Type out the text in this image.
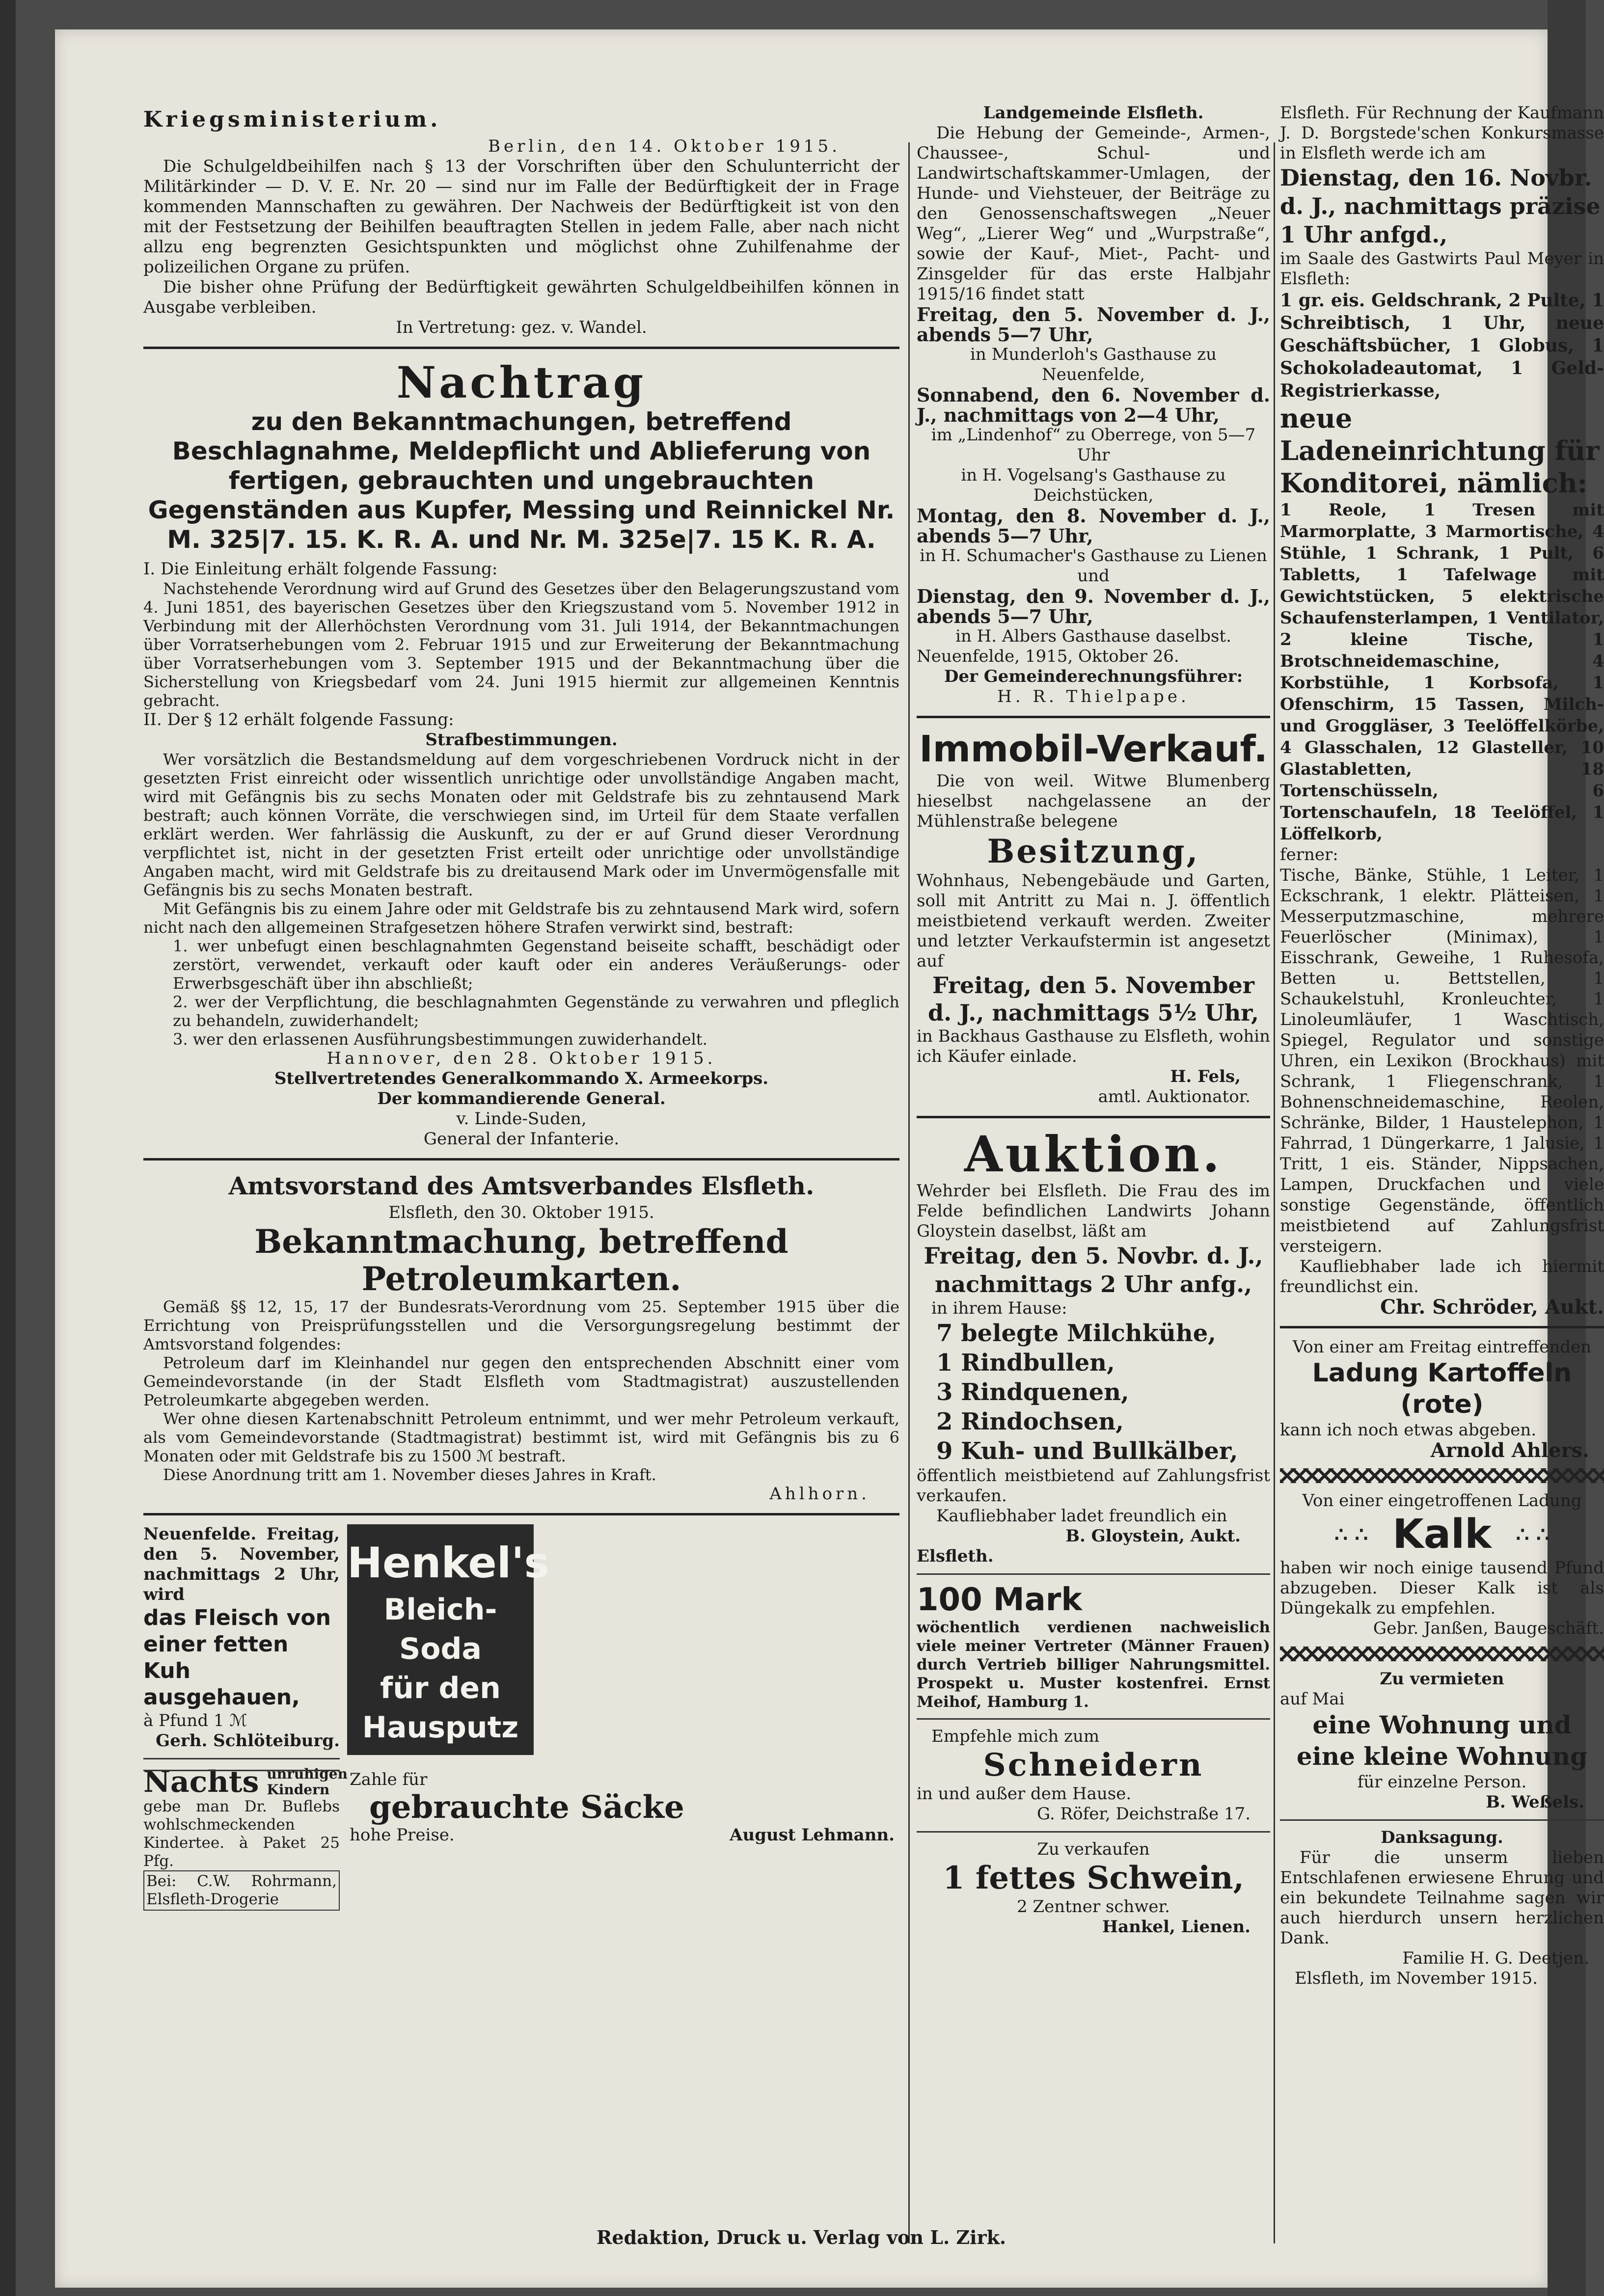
Kriegsministerium.
Berlin, den 14. Oktober 1915.

Die Schulgeldbeihilfen nach § 13 der Vorschriften über den Schulunterricht der Militärkinder — D. V. E. Nr. 20 — sind nur im Falle der Bedürftigkeit der in Frage kommenden Mannschaften zu gewähren. Der Nachweis der Bedürftigkeit ist von den mit der Festsetzung der Beihilfen beauftragten Stellen in jedem Falle, aber nach nicht allzu eng begrenzten Gesichtspunkten und möglichst ohne Zuhilfenahme der polizeilichen Organe zu prüfen.

Die bisher ohne Prüfung der Bedürftigkeit gewährten Schulgeldbeihilfen können in Ausgabe verbleiben.

In Vertretung: gez. v. Wandel.
Nachtrag
zu den Bekanntmachungen, betreffend Beschlagnahme, Meldepflicht und Ablieferung von fertigen, gebrauchten und ungebrauchten Gegenständen aus Kupfer, Messing und Reinnickel Nr. M. 325|7. 15. K. R. A. und Nr. M. 325e|7. 15 K. R. A.

I. Die Einleitung erhält folgende Fassung:

Nachstehende Verordnung wird auf Grund des Gesetzes über den Belagerungszustand vom 4. Juni 1851, des bayerischen Gesetzes über den Kriegszustand vom 5. November 1912 in Verbindung mit der Allerhöchsten Verordnung vom 31. Juli 1914, der Bekanntmachungen über Vorratserhebungen vom 2. Februar 1915 und zur Erweiterung der Bekanntmachung über Vorratserhebungen vom 3. September 1915 und der Bekanntmachung über die Sicherstellung von Kriegsbedarf vom 24. Juni 1915 hiermit zur allgemeinen Kenntnis gebracht.

II. Der § 12 erhält folgende Fassung:

Strafbestimmungen.

Wer vorsätzlich die Bestandsmeldung auf dem vorgeschriebenen Vordruck nicht in der gesetzten Frist einreicht oder wissentlich unrichtige oder unvollständige Angaben macht, wird mit Gefängnis bis zu sechs Monaten oder mit Geldstrafe bis zu zehntausend Mark bestraft; auch können Vorräte, die verschwiegen sind, im Urteil für dem Staate verfallen erklärt werden. Wer fahrlässig die Auskunft, zu der er auf Grund dieser Verordnung verpflichtet ist, nicht in der gesetzten Frist erteilt oder unrichtige oder unvollständige Angaben macht, wird mit Geldstrafe bis zu dreitausend Mark oder im Unvermögensfalle mit Gefängnis bis zu sechs Monaten bestraft.

Mit Gefängnis bis zu einem Jahre oder mit Geldstrafe bis zu zehntausend Mark wird, sofern nicht nach den allgemeinen Strafgesetzen höhere Strafen verwirkt sind, bestraft:

1. wer unbefugt einen beschlagnahmten Gegenstand beiseite schafft, beschädigt oder zerstört, verwendet, verkauft oder kauft oder ein anderes Veräußerungs- oder Erwerbsgeschäft über ihn abschließt;

2. wer der Verpflichtung, die beschlagnahmten Gegenstände zu verwahren und pfleglich zu behandeln, zuwiderhandelt;

3. wer den erlassenen Ausführungsbestimmungen zuwiderhandelt.

Hannover, den 28. Oktober 1915.
Stellvertretendes Generalkommando X. Armeekorps.
Der kommandierende General.
v. Linde-Suden,
General der Infanterie.
Amtsvorstand des Amtsverbandes Elsfleth.
Elsfleth, den 30. Oktober 1915.
Bekanntmachung, betreffend Petroleumkarten.

Gemäß §§ 12, 15, 17 der Bundesrats-Verordnung vom 25. September 1915 über die Errichtung von Preisprüfungsstellen und die Versorgungsregelung bestimmt der Amtsvorstand folgendes:

Petroleum darf im Kleinhandel nur gegen den entsprechenden Abschnitt einer vom Gemeindevorstande (in der Stadt Elsfleth vom Stadtmagistrat) auszustellenden Petroleumkarte abgegeben werden.

Wer ohne diesen Kartenabschnitt Petroleum entnimmt, und wer mehr Petroleum verkauft, als vom Gemeindevorstande (Stadtmagistrat) bestimmt ist, wird mit Gefängnis bis zu 6 Monaten oder mit Geldstrafe bis zu 1500 ℳ bestraft.

Diese Anordnung tritt am 1. November dieses Jahres in Kraft.

Ahlhorn.
Neuenfelde. Freitag, den 5. November, nachmittags 2 Uhr, wird
das Fleisch von einer fetten Kuh ausgehauen,
à Pfund 1 ℳ
Gerh. Schlöteiburg.
Nachts unruhigen Kindern
gebe man Dr. Buflebs wohlschmeckenden Kindertee. à Paket 25 Pfg.
Bei: C.W. Rohrmann, Elsfleth-Drogerie
Henkel's
Bleich-Soda
für den
Hausputz
Zahle für
gebrauchte Säcke
hohe Preise.	August Lehmann.
Landgemeinde Elsfleth.

Die Hebung der Gemeinde-, Armen-, Chaussee-, Schul- und Landwirtschaftskammer-Umlagen, der Hunde- und Viehsteuer, der Beiträge zu den Genossenschaftswegen „Neuer Weg“, „Lierer Weg“ und „Wurpstraße“, sowie der Kauf-, Miet-, Pacht- und Zinsgelder für das erste Halbjahr 1915/16 findet statt

Freitag, den 5. November d. J., abends 5—7 Uhr,
in Munderloh's Gasthause zu Neuenfelde,
Sonnabend, den 6. November d. J., nachmittags von 2—4 Uhr,
im „Lindenhof“ zu Oberrege, von 5—7 Uhr
in H. Vogelsang's Gasthause zu Deichstücken,
Montag, den 8. November d. J., abends 5—7 Uhr,
in H. Schumacher's Gasthause zu Lienen und
Dienstag, den 9. November d. J., abends 5—7 Uhr,
in H. Albers Gasthause daselbst.
Neuenfelde, 1915, Oktober 26.
Der Gemeinderechnungsführer:
H. R. Thielpape.
Immobil-Verkauf.

Die von weil. Witwe Blumenberg hieselbst nachgelassene an der Mühlenstraße belegene

Besitzung,

Wohnhaus, Nebengebäude und Garten, soll mit Antritt zu Mai n. J. öffentlich meistbietend verkauft werden. Zweiter und letzter Verkaufstermin ist angesetzt auf

Freitag, den 5. November d. J., nachmittags 5½ Uhr,

in Backhaus Gasthause zu Elsfleth, wohin ich Käufer einlade.

H. Fels,
amtl. Auktionator.
Auktion.

Wehrder bei Elsfleth. Die Frau des im Felde befindlichen Landwirts Johann Gloystein daselbst, läßt am

Freitag, den 5. Novbr. d. J., nachmittags 2 Uhr anfg.,
in ihrem Hause:
7 belegte Milchkühe,
1 Rindbullen,
3 Rindquenen,
2 Rindochsen,
9 Kuh- und Bullkälber,

öffentlich meistbietend auf Zahlungsfrist verkaufen.

Kaufliebhaber ladet freundlich ein

B. Gloystein, Aukt.
Elsfleth.
100 Mark

wöchentlich verdienen nachweislich viele meiner Vertreter (Männer Frauen) durch Vertrieb billiger Nahrungsmittel. Prospekt u. Muster kostenfrei. Ernst Meihof, Hamburg 1.

Empfehle mich zum
Schneidern
in und außer dem Hause.
G. Röfer, Deichstraße 17.
Zu verkaufen
1 fettes Schwein,
2 Zentner schwer.
Hankel, Lienen.

Elsfleth. Für Rechnung der Kaufmann J. D. Borgstede'schen Konkursmasse in Elsfleth werde ich am

Dienstag, den 16. Novbr. d. J., nachmittags präzise 1 Uhr anfgd.,

im Saale des Gastwirts Paul Meyer in Elsfleth:

1 gr. eis. Geldschrank, 2 Pulte, 1 Schreibtisch, 1 Uhr, neue Geschäftsbücher, 1 Globus, 1 Schokoladeautomat, 1 Geld-Registrierkasse,

neue Ladeneinrichtung für Konditorei, nämlich:

1 Reole, 1 Tresen mit Marmorplatte, 3 Marmortische, 4 Stühle, 1 Schrank, 1 Pult, 6 Tabletts, 1 Tafelwage mit Gewichtstücken, 5 elektrische Schaufensterlampen, 1 Ventilator, 2 kleine Tische, 1 Brotschneidemaschine, 4 Korbstühle, 1 Korbsofa, 1 Ofenschirm, 15 Tassen, Milch- und Groggläser, 3 Teelöffelkörbe, 4 Glasschalen, 12 Glasteller, 10 Glastabletten, 18 Tortenschüsseln, 6 Tortenschaufeln, 18 Teelöffel, 1 Löffelkorb,

ferner:

Tische, Bänke, Stühle, 1 Leiter, 1 Eckschrank, 1 elektr. Plätteisen, 1 Messerputzmaschine, mehrere Feuerlöscher (Minimax), 1 Eisschrank, Geweihe, 1 Ruhesofa, Betten u. Bettstellen, 1 Schaukelstuhl, Kronleuchter, 1 Linoleumläufer, 1 Waschtisch, Spiegel, Regulator und sonstige Uhren, ein Lexikon (Brockhaus) mit Schrank, 1 Fliegenschrank, 1 Bohnenschneidemaschine, Reolen, Schränke, Bilder, 1 Haustelephon, 1 Fahrrad, 1 Düngerkarre, 1 Jalusie, 1 Tritt, 1 eis. Ständer, Nippsachen, Lampen, Druckfachen und viele sonstige Gegenstände, öffentlich meistbietend auf Zahlungsfrist versteigern.

Kaufliebhaber lade ich hiermit freundlichst ein.

Chr. Schröder, Aukt.
Von einer am Freitag eintreffenden
Ladung Kartoffeln (rote)
kann ich noch etwas abgeben.
Arnold Ahlers.
Von einer eingetroffenen Ladung
∴ ∴ Kalk ∴ ∴

haben wir noch einige tausend Pfund abzugeben. Dieser Kalk ist als Düngekalk zu empfehlen.

Gebr. Janßen, Baugeschäft.
Zu vermieten
auf Mai
eine Wohnung und eine kleine Wohnung
für einzelne Person.
B. Weßels.
Danksagung.

Für die unserm lieben Entschlafenen erwiesene Ehrung und ein bekundete Teilnahme sagen wir auch hierdurch unsern herzlichen Dank.

Familie H. G. Deetjen.
Elsfleth, im November 1915.
Redaktion, Druck u. Verlag von L. Zirk.
